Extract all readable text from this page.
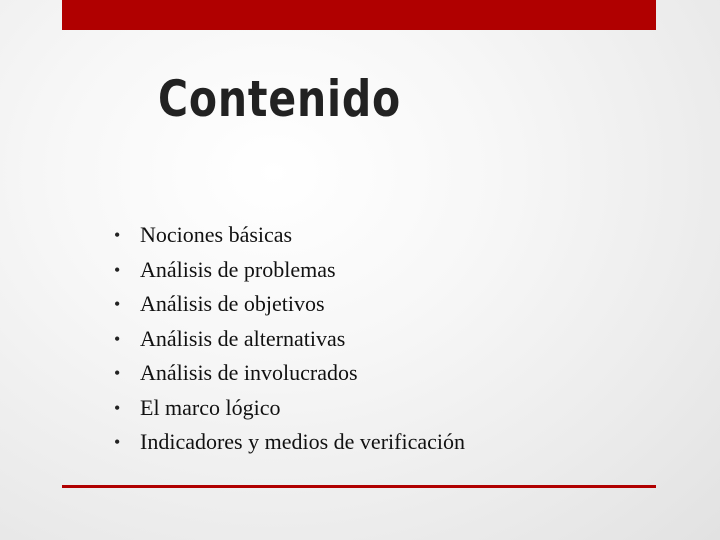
Contenido
• Nociones básicas
• Análisis de problemas
• Análisis de objetivos
• Análisis de alternativas
• Análisis de involucrados
• El marco lógico
• Indicadores y medios de verificación
